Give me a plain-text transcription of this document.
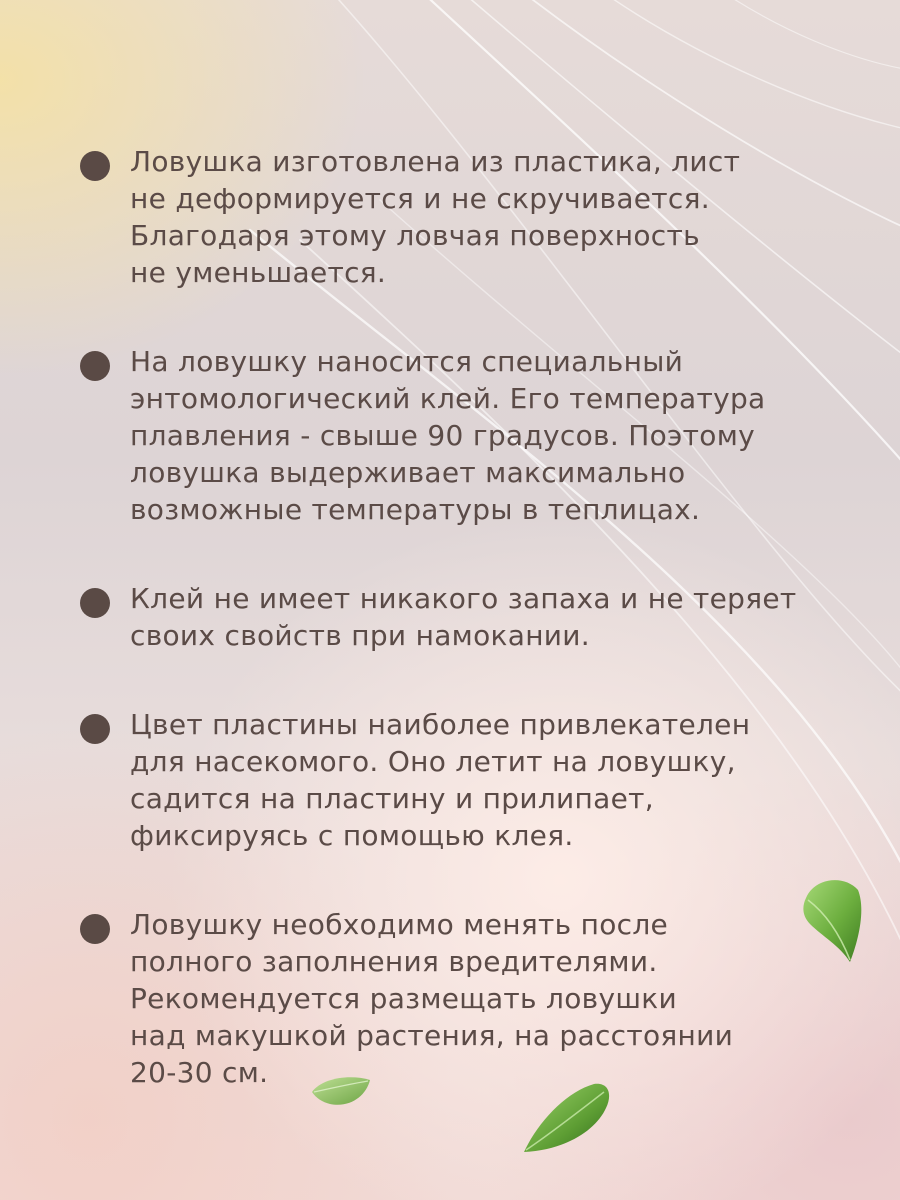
Ловушка изготовлена из пластика, лист
не деформируется и не скручивается.
Благодаря этому ловчая поверхность
не уменьшается.
На ловушку наносится специальный
энтомологический клей. Его температура
плавления - свыше 90 градусов. Поэтому
ловушка выдерживает максимально
возможные температуры в теплицах.
Клей не имеет никакого запаха и не теряет
своих свойств при намокании.
Цвет пластины наиболее привлекателен
для насекомого. Оно летит на ловушку,
садится на пластину и прилипает,
фиксируясь с помощью клея.
Ловушку необходимо менять после
полного заполнения вредителями.
Рекомендуется размещать ловушки
над макушкой растения, на расстоянии
20-30 см.
